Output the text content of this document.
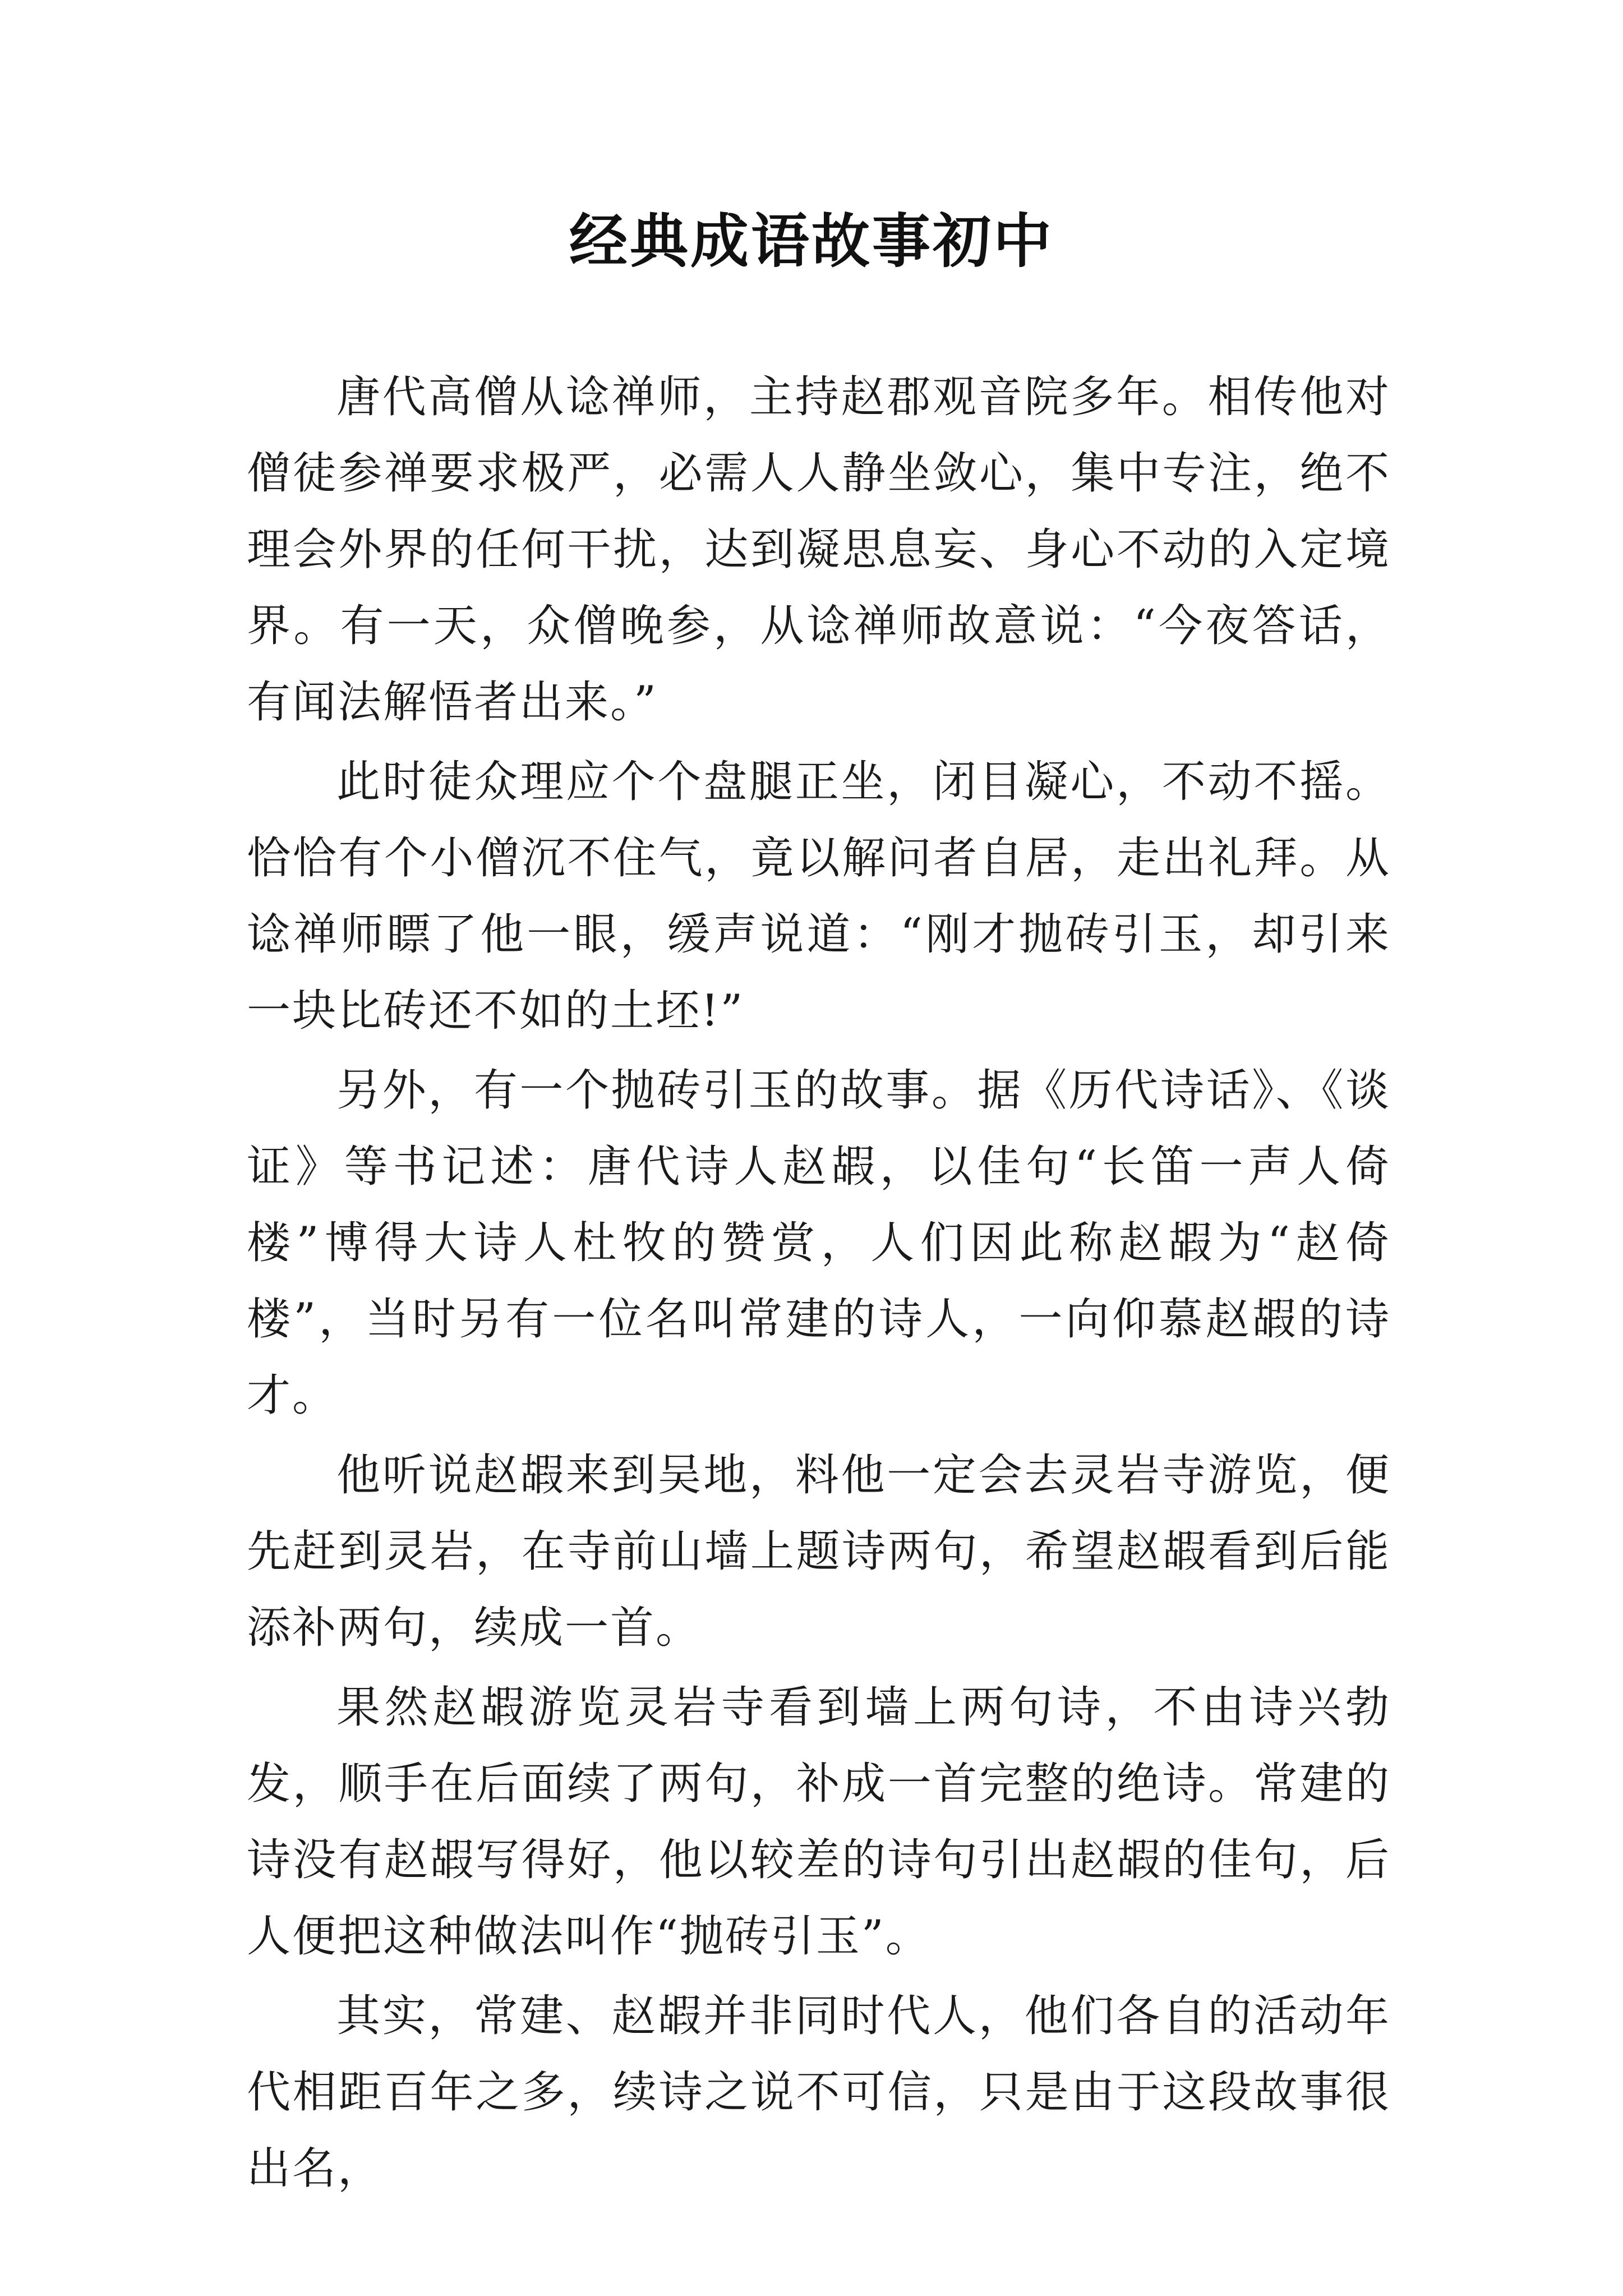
经典成语故事初中

唐代高僧从谂禅师，主持赵郡观音院多年。相传他对僧徒参禅要求极严，必需人人静坐敛心，集中专注，绝不理会外界的任何干扰，达到凝思息妄、身心不动的入定境界。有一天，众僧晚参，从谂禅师故意说：“今夜答话，有闻法解悟者出来。”

此时徒众理应个个盘腿正坐，闭目凝心，不动不摇。恰恰有个小僧沉不住气，竟以解问者自居，走出礼拜。从谂禅师瞟了他一眼，缓声说道：“刚才抛砖引玉，却引来一块比砖还不如的土坯!”

另外，有一个抛砖引玉的故事。据《历代诗话》、《谈证》等书记述：唐代诗人赵嘏，以佳句“长笛一声人倚楼”博得大诗人杜牧的赞赏，人们因此称赵嘏为“赵倚楼”，当时另有一位名叫常建的诗人，一向仰慕赵嘏的诗才。

他听说赵嘏来到吴地，料他一定会去灵岩寺游览，便先赶到灵岩，在寺前山墙上题诗两句，希望赵嘏看到后能添补两句，续成一首。

果然赵嘏游览灵岩寺看到墙上两句诗，不由诗兴勃发，顺手在后面续了两句，补成一首完整的绝诗。常建的诗没有赵嘏写得好，他以较差的诗句引出赵嘏的佳句，后人便把这种做法叫作“抛砖引玉”。

其实，常建、赵嘏并非同时代人，他们各自的活动年代相距百年之多，续诗之说不可信，只是由于这段故事很出名，
